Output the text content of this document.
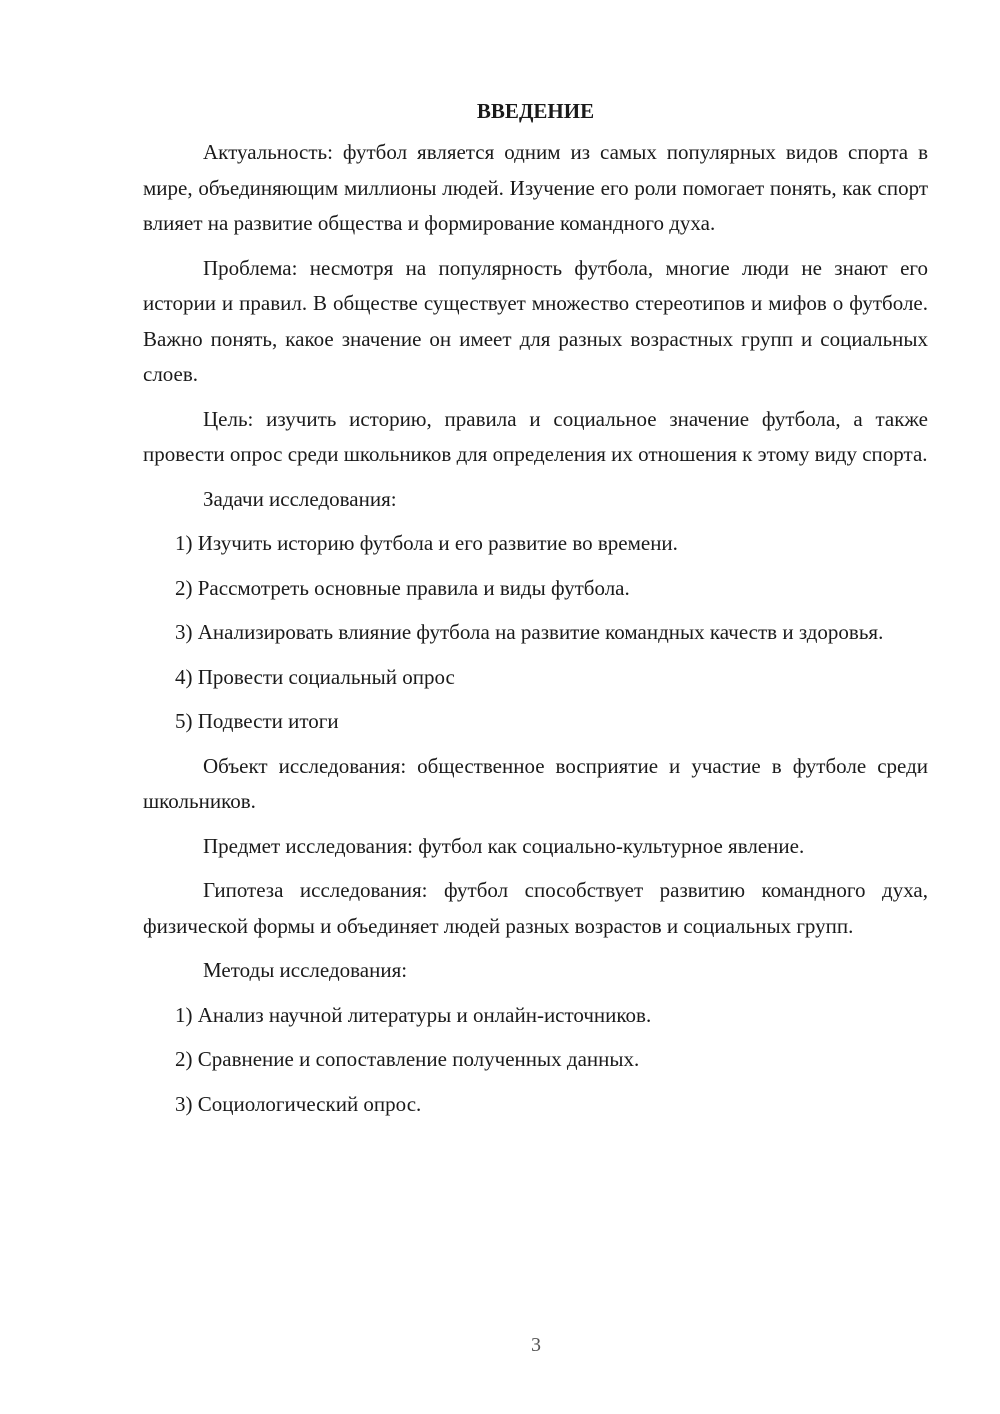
ВВЕДЕНИЕ

Актуальность: футбол является одним из самых популярных видов спорта в мире, объединяющим миллионы людей. Изучение его роли помогает понять, как спорт влияет на развитие общества и формирование командного духа.

Проблема: несмотря на популярность футбола, многие люди не знают его истории и правил. В обществе существует множество стереотипов и мифов о футболе. Важно понять, какое значение он имеет для разных возрастных групп и социальных слоев.

Цель: изучить историю, правила и социальное значение футбола, а также провести опрос среди школьников для определения их отношения к этому виду спорта.

Задачи исследования:

1) Изучить историю футбола и его развитие во времени.

2) Рассмотреть основные правила и виды футбола.

3) Анализировать влияние футбола на развитие командных качеств и здоровья.

4) Провести социальный опрос

5) Подвести итоги

Объект исследования: общественное восприятие и участие в футболе среди школьников.

Предмет исследования: футбол как социально-культурное явление.

Гипотеза исследования: футбол способствует развитию командного духа, физической формы и объединяет людей разных возрастов и социальных групп.

Методы исследования:

1) Анализ научной литературы и онлайн-источников.

2) Сравнение и сопоставление полученных данных.

3) Социологический опрос.

3
